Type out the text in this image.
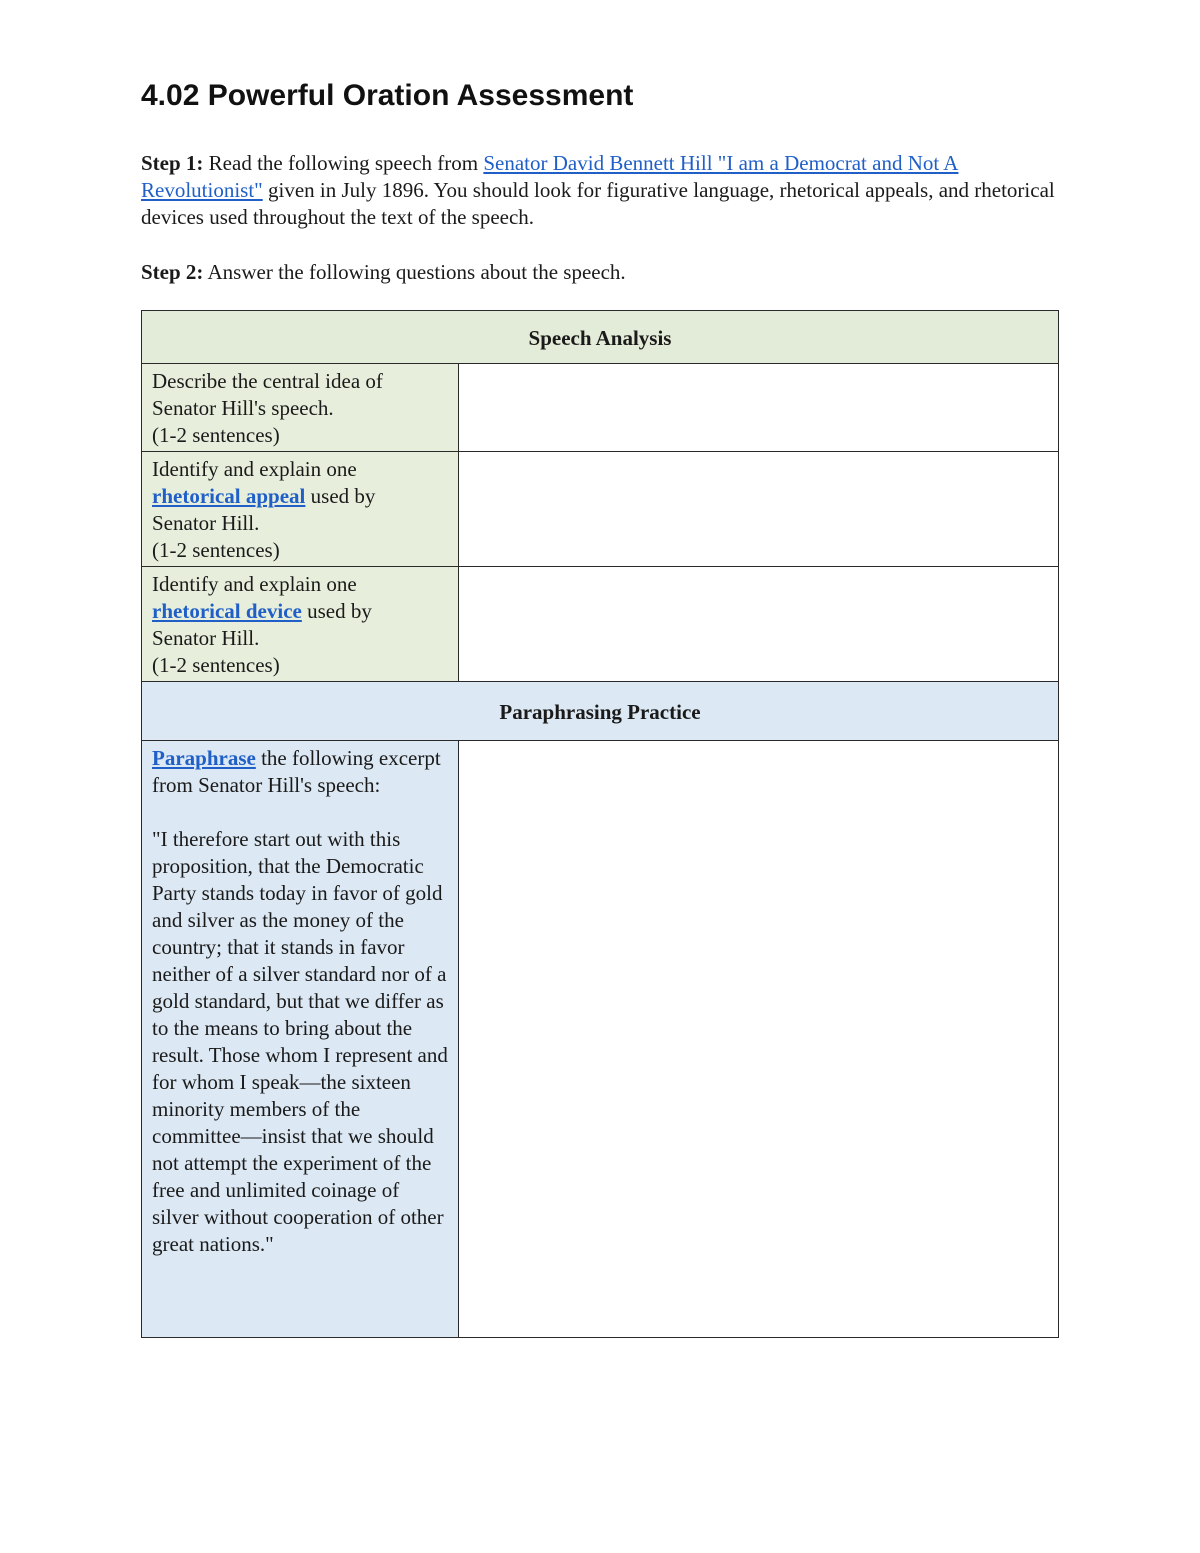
4.02 Powerful Oration Assessment
Step 1: Read the following speech from Senator David Bennett Hill "I am a Democrat and Not A Revolutionist" given in July 1896. You should look for figurative language, rhetorical appeals, and rhetorical devices used throughout the text of the speech.
Step 2: Answer the following questions about the speech.
Speech Analysis	

Describe the central idea of
Senator Hill's speech.
(1-2 sentences)	

Identify and explain one
rhetorical appeal used by
Senator Hill.
(1-2 sentences)	

Identify and explain one
rhetorical device used by
Senator Hill.
(1-2 sentences)	

Paraphrasing Practice	

Paraphrase the following excerpt from Senator Hill's speech:
"I therefore start out with this proposition, that the Democratic Party stands today in favor of gold and silver as the money of the country; that it stands in favor neither of a silver standard nor of a gold standard, but that we differ as to the means to bring about the result. Those whom I represent and for whom I speak—the sixteen minority members of the committee—insist that we should not attempt the experiment of the free and unlimited coinage of silver without cooperation of other great nations."	
